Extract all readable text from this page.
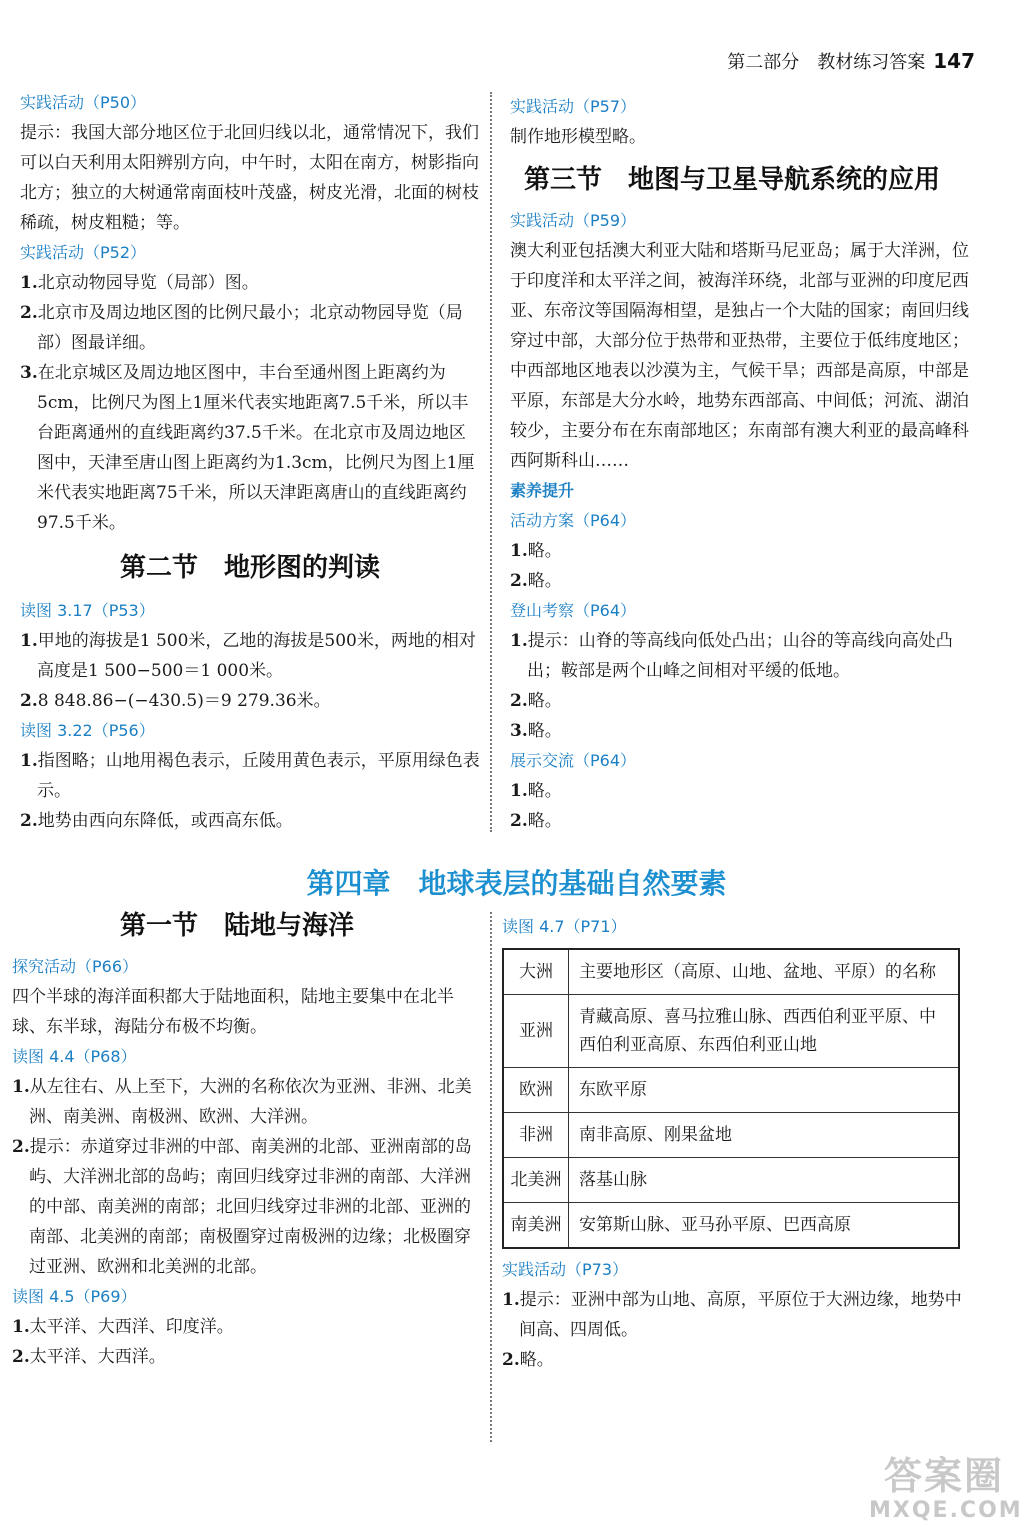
第二部分 教材练习答案 147
实践活动（P50）

提示：我国大部分地区位于北回归线以北，通常情况下，我们可以白天利用太阳辨别方向，中午时，太阳在南方，树影指向北方；独立的大树通常南面枝叶茂盛，树皮光滑，北面的树枝稀疏，树皮粗糙；等。

实践活动（P52）

1.北京动物园导览（局部）图。

2.北京市及周边地区图的比例尺最小；北京动物园导览（局部）图最详细。

3.在北京城区及周边地区图中，丰台至通州图上距离约为5cm，比例尺为图上1厘米代表实地距离7.5千米，所以丰台距离通州的直线距离约37.5千米。在北京市及周边地区图中，天津至唐山图上距离约为1.3cm，比例尺为图上1厘米代表实地距离75千米，所以天津距离唐山的直线距离约97.5千米。

第二节　地形图的判读
读图 3.17（P53）

1.甲地的海拔是1 500米，乙地的海拔是500米，两地的相对高度是1 500−500＝1 000米。

2.8 848.86−(−430.5)＝9 279.36米。

读图 3.22（P56）

1.指图略；山地用褐色表示，丘陵用黄色表示，平原用绿色表示。

2.地势由西向东降低，或西高东低。

实践活动（P57）

制作地形模型略。

第三节　地图与卫星导航系统的应用
实践活动（P59）

澳大利亚包括澳大利亚大陆和塔斯马尼亚岛；属于大洋洲，位于印度洋和太平洋之间，被海洋环绕，北部与亚洲的印度尼西亚、东帝汶等国隔海相望，是独占一个大陆的国家；南回归线穿过中部，大部分位于热带和亚热带，主要位于低纬度地区；中西部地区地表以沙漠为主，气候干旱；西部是高原，中部是平原，东部是大分水岭，地势东西部高、中间低；河流、湖泊较少，主要分布在东南部地区；东南部有澳大利亚的最高峰科西阿斯科山……

素养提升
活动方案（P64）

1.略。

2.略。

登山考察（P64）

1.提示：山脊的等高线向低处凸出；山谷的等高线向高处凸出；鞍部是两个山峰之间相对平缓的低地。

2.略。

3.略。

展示交流（P64）

1.略。

2.略。

第四章　地球表层的基础自然要素
第一节　陆地与海洋
探究活动（P66）

四个半球的海洋面积都大于陆地面积，陆地主要集中在北半球、东半球，海陆分布极不均衡。

读图 4.4（P68）

1.从左往右、从上至下，大洲的名称依次为亚洲、非洲、北美洲、南美洲、南极洲、欧洲、大洋洲。

2.提示：赤道穿过非洲的中部、南美洲的北部、亚洲南部的岛屿、大洋洲北部的岛屿；南回归线穿过非洲的南部、大洋洲的中部、南美洲的南部；北回归线穿过非洲的北部、亚洲的南部、北美洲的南部；南极圈穿过南极洲的边缘；北极圈穿过亚洲、欧洲和北美洲的北部。

读图 4.5（P69）

1.太平洋、大西洋、印度洋。

2.太平洋、大西洋。

读图 4.7（P71）
大洲	主要地形区（高原、山地、盆地、平原）的名称
亚洲	青藏高原、喜马拉雅山脉、西西伯利亚平原、中西伯利亚高原、东西伯利亚山地
欧洲	东欧平原
非洲	南非高原、刚果盆地
北美洲	落基山脉
南美洲	安第斯山脉、亚马孙平原、巴西高原
实践活动（P73）

1.提示：亚洲中部为山地、高原，平原位于大洲边缘，地势中间高、四周低。

2.略。

答案圈
MXQE.COM
